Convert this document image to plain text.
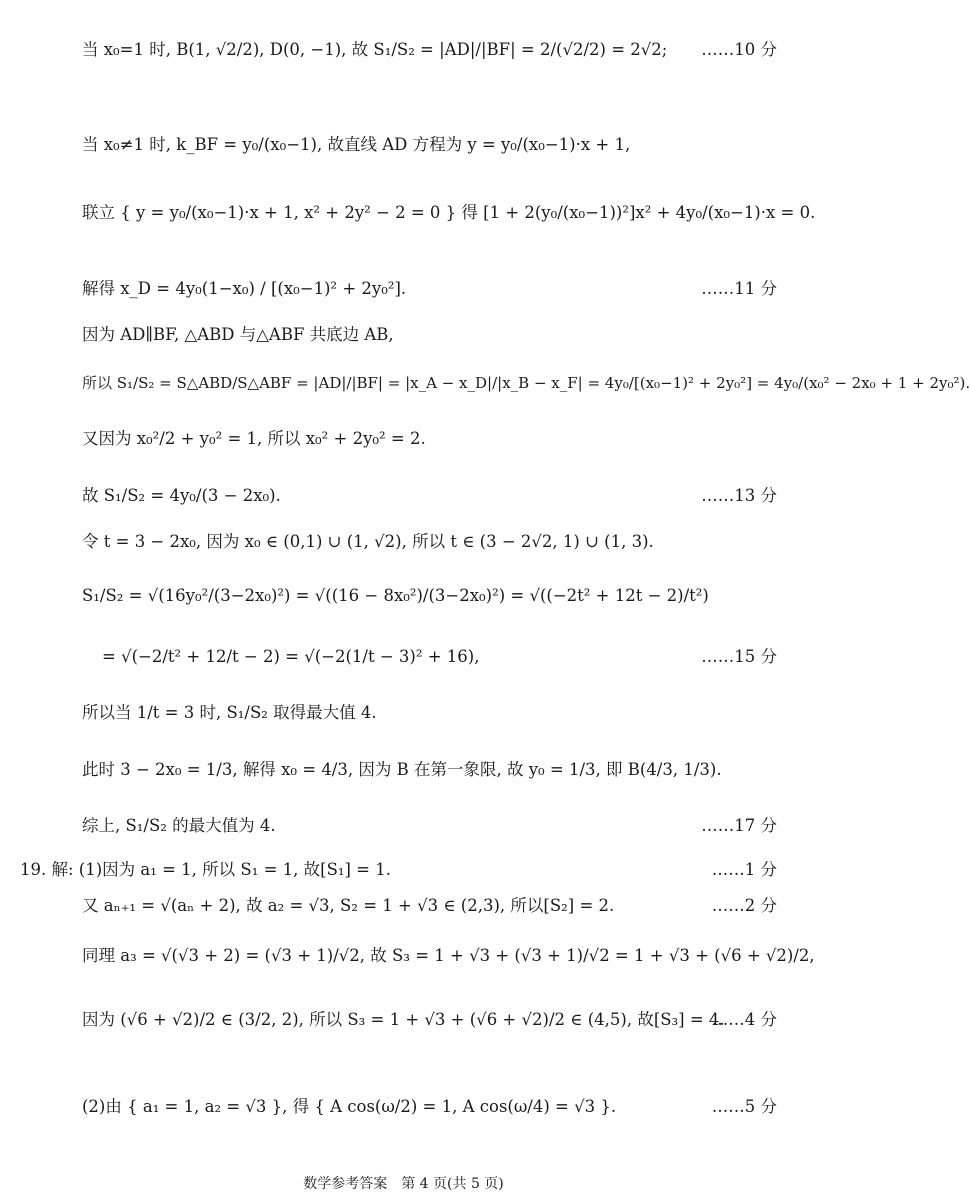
当 x₀=1 时, B(1, √2/2), D(0, −1), 故 S₁/S₂ = |AD|/|BF| = 2/(√2/2) = 2√2; ……10 分
当 x₀≠1 时, k_BF = y₀/(x₀−1), 故直线 AD 方程为 y = y₀/(x₀−1)·x + 1,
联立 { y = y₀/(x₀−1)·x + 1, x² + 2y² − 2 = 0 } 得 [1 + 2(y₀/(x₀−1))²]x² + 4y₀/(x₀−1)·x = 0.
解得 x_D = 4y₀(1−x₀) / [(x₀−1)² + 2y₀²].	……11 分
因为 AD∥BF, △ABD 与△ABF 共底边 AB,
所以 S₁/S₂ = S△ABD/S△ABF = |AD|/|BF| = |x_A − x_D|/|x_B − x_F| = 4y₀/[(x₀−1)² + 2y₀²] = 4y₀/(x₀² − 2x₀ + 1 + 2y₀²).
又因为 x₀²/2 + y₀² = 1, 所以 x₀² + 2y₀² = 2.
故 S₁/S₂ = 4y₀/(3 − 2x₀).	……13 分
令 t = 3 − 2x₀, 因为 x₀ ∈ (0,1) ∪ (1, √2), 所以 t ∈ (3 − 2√2, 1) ∪ (1, 3).
S₁/S₂ = √(16y₀²/(3−2x₀)²) = √((16 − 8x₀²)/(3−2x₀)²) = √((−2t² + 12t − 2)/t²)
= √(−2/t² + 12/t − 2) = √(−2(1/t − 3)² + 16),	……15 分
所以当 1/t = 3 时, S₁/S₂ 取得最大值 4.
此时 3 − 2x₀ = 1/3, 解得 x₀ = 4/3, 因为 B 在第一象限, 故 y₀ = 1/3, 即 B(4/3, 1/3).
综上, S₁/S₂ 的最大值为 4.	……17 分
19. 解: (1)因为 a₁ = 1, 所以 S₁ = 1, 故[S₁] = 1.	……1 分
又 aₙ₊₁ = √(aₙ + 2), 故 a₂ = √3, S₂ = 1 + √3 ∈ (2,3), 所以[S₂] = 2.	……2 分
同理 a₃ = √(√3 + 2) = (√3 + 1)/√2, 故 S₃ = 1 + √3 + (√3 + 1)/√2 = 1 + √3 + (√6 + √2)/2,
因为 (√6 + √2)/2 ∈ (3/2, 2), 所以 S₃ = 1 + √3 + (√6 + √2)/2 ∈ (4,5), 故[S₃] = 4.
……4 分
(2)由 { a₁ = 1, a₂ = √3 }, 得 { A cos(ω/2) = 1, A cos(ω/4) = √3 }.	……5 分
数学参考答案　第 4 页(共 5 页)
